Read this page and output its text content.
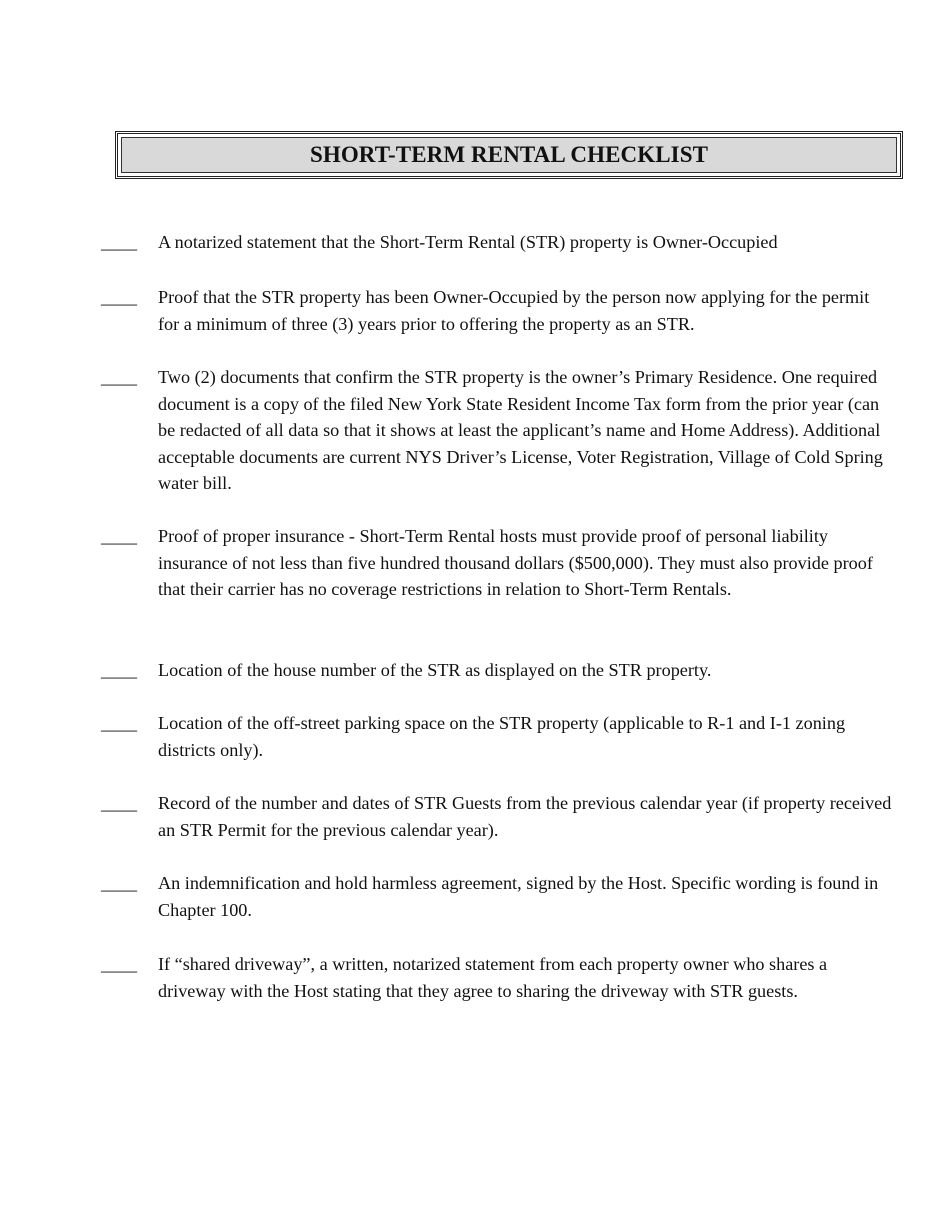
SHORT-TERM RENTAL CHECKLIST
____	A notarized statement that the Short-Term Rental (STR) property is Owner-Occupied
____	Proof that the STR property has been Owner-Occupied by the person now applying for the permit for a minimum of three (3) years prior to offering the property as an STR.
____	Two (2) documents that confirm the STR property is the owner’s Primary Residence. One required document is a copy of the filed New York State Resident Income Tax form from the prior year (can be redacted of all data so that it shows at least the applicant’s name and Home Address). Additional acceptable documents are current NYS Driver’s License, Voter Registration, Village of Cold Spring water bill.
____	Proof of proper insurance - Short-Term Rental hosts must provide proof of personal liability insurance of not less than five hundred thousand dollars ($500,000). They must also provide proof that their carrier has no coverage restrictions in relation to Short-Term Rentals.
____	Location of the house number of the STR as displayed on the STR property.
____	Location of the off-street parking space on the STR property (applicable to R-1 and I-1 zoning districts only).
____	Record of the number and dates of STR Guests from the previous calendar year (if property received an STR Permit for the previous calendar year).
____	An indemnification and hold harmless agreement, signed by the Host. Specific wording is found in Chapter 100.
____	If “shared driveway”, a written, notarized statement from each property owner who shares a driveway with the Host stating that they agree to sharing the driveway with STR guests.
